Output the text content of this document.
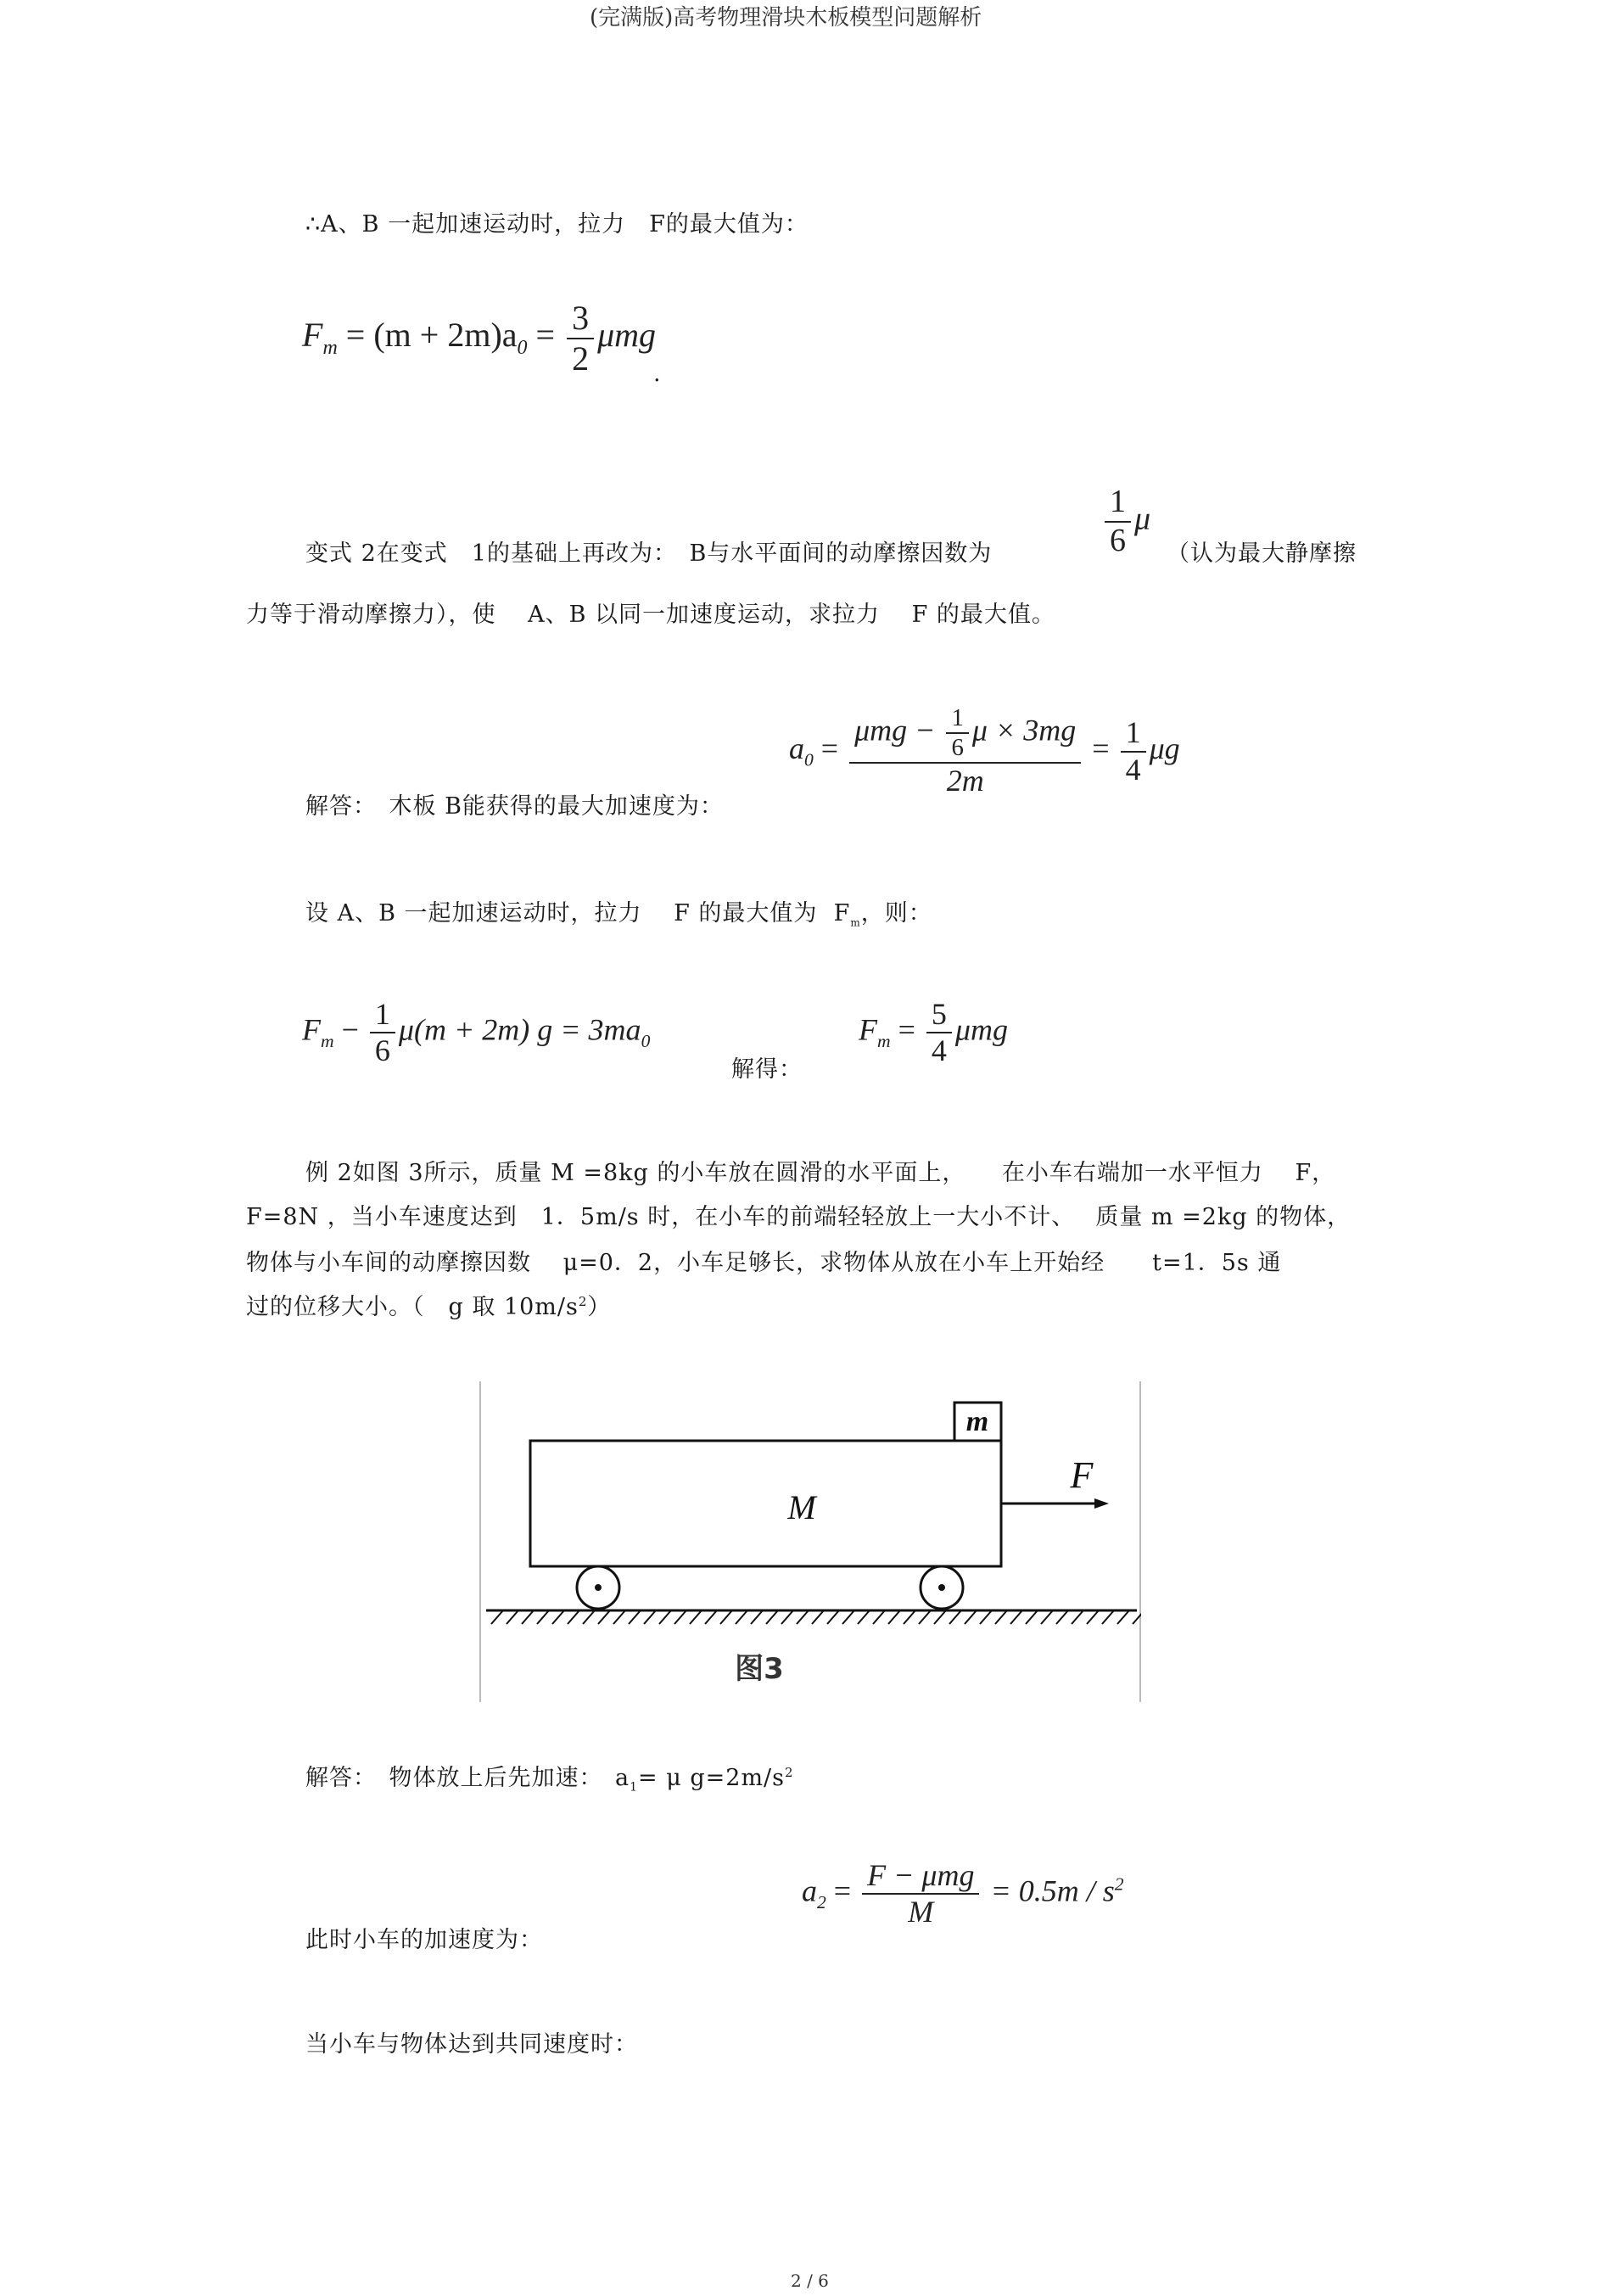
(完满版)高考物理滑块木板模型问题解析
∴A、B 一起加速运动时，拉力　F的最大值为：
$F_m = (m + 2m)a_0 = \frac{3}{2}$ μmg
.
变式 2在变式　1的基础上再改为：　B与水平面间的动摩擦因数为	$\frac{1}{6}$ μ
（认为最大静摩擦
力等于滑动摩擦力），使　 A、B 以同一加速度运动，求拉力　 F 的最大值。
解答：　木板 B能获得的最大加速度为：
$a_0 = \frac{\mu mg - \frac{1}{6} \mu \times 3mg}{2m} = \frac{1}{4}$ μg
设 A、B 一起加速运动时，拉力　 F 的最大值为 $F_m$，则：
$F_m - \frac{1}{6} \mu(m + 2m) g = 3ma_0$
解得：
$F_m = \frac{5}{4}$ μmg
例 2如图 3所示，质量 M =8kg 的小车放在圆滑的水平面上，　　在小车右端加一水平恒力　 F，
F=8N ，当小车速度达到　1．5m/s 时，在小车的前端轻轻放上一大小不计、　 质量 m =2kg 的物体，
物体与小车间的动摩擦因数　 μ=0．2，小车足够长，求物体从放在小车上开始经　　t=1．5s 通
过的位移大小。（　g 取 $10m/s^2$）
m
M
F
图3
解答：　物体放上后先加速：　$a_1= \mu$ $g=2m/s^2$
$a_2 = \frac{\text{F − μmg}}{M} = 0.5m / s^2$
此时小车的加速度为：
当小车与物体达到共同速度时：
2 / 6
